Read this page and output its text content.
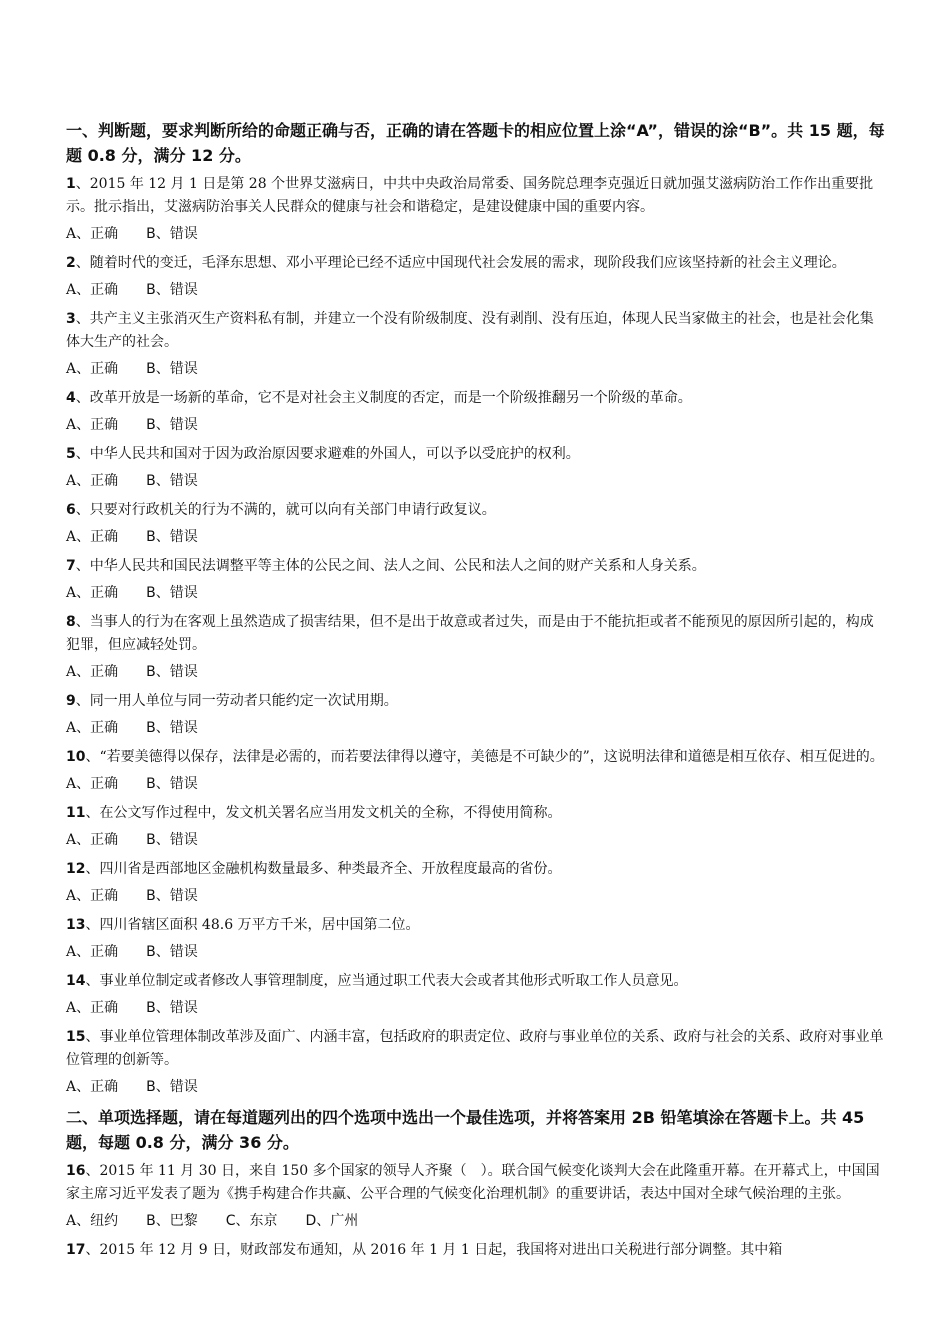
一、判断题，要求判断所给的命题正确与否，正确的请在答题卡的相应位置上涂“A”，错误的涂“B”。共 15 题，每题 0.8 分，满分 12 分。

1、2015 年 12 月 1 日是第 28 个世界艾滋病日，中共中央政治局常委、国务院总理李克强近日就加强艾滋病防治工作作出重要批示。批示指出，艾滋病防治事关人民群众的健康与社会和谐稳定，是建设健康中国的重要内容。

A、正确 B、错误

2、随着时代的变迁，毛泽东思想、邓小平理论已经不适应中国现代社会发展的需求，现阶段我们应该坚持新的社会主义理论。

A、正确 B、错误

3、共产主义主张消灭生产资料私有制，并建立一个没有阶级制度、没有剥削、没有压迫，体现人民当家做主的社会，也是社会化集体大生产的社会。

A、正确 B、错误

4、改革开放是一场新的革命，它不是对社会主义制度的否定，而是一个阶级推翻另一个阶级的革命。

A、正确 B、错误

5、中华人民共和国对于因为政治原因要求避难的外国人，可以予以受庇护的权利。

A、正确 B、错误

6、只要对行政机关的行为不满的，就可以向有关部门申请行政复议。

A、正确 B、错误

7、中华人民共和国民法调整平等主体的公民之间、法人之间、公民和法人之间的财产关系和人身关系。

A、正确 B、错误

8、当事人的行为在客观上虽然造成了损害结果，但不是出于故意或者过失，而是由于不能抗拒或者不能预见的原因所引起的，构成犯罪，但应减轻处罚。

A、正确 B、错误

9、同一用人单位与同一劳动者只能约定一次试用期。

A、正确 B、错误

10、“若要美德得以保存，法律是必需的，而若要法律得以遵守，美德是不可缺少的”，这说明法律和道德是相互依存、相互促进的。

A、正确 B、错误

11、在公文写作过程中，发文机关署名应当用发文机关的全称，不得使用简称。

A、正确 B、错误

12、四川省是西部地区金融机构数量最多、种类最齐全、开放程度最高的省份。

A、正确 B、错误

13、四川省辖区面积 48.6 万平方千米，居中国第二位。

A、正确 B、错误

14、事业单位制定或者修改人事管理制度，应当通过职工代表大会或者其他形式听取工作人员意见。

A、正确 B、错误

15、事业单位管理体制改革涉及面广、内涵丰富，包括政府的职责定位、政府与事业单位的关系、政府与社会的关系、政府对事业单位管理的创新等。

A、正确 B、错误

二、单项选择题，请在每道题列出的四个选项中选出一个最佳选项，并将答案用 2B 铅笔填涂在答题卡上。共 45 题，每题 0.8 分，满分 36 分。

16、2015 年 11 月 30 日，来自 150 多个国家的领导人齐聚（　）。联合国气候变化谈判大会在此隆重开幕。在开幕式上，中国国家主席习近平发表了题为《携手构建合作共赢、公平合理的气候变化治理机制》的重要讲话，表达中国对全球气候治理的主张。

A、纽约 B、巴黎 C、东京 D、广州

17、2015 年 12 月 9 日，财政部发布通知，从 2016 年 1 月 1 日起，我国将对进出口关税进行部分调整。其中箱
